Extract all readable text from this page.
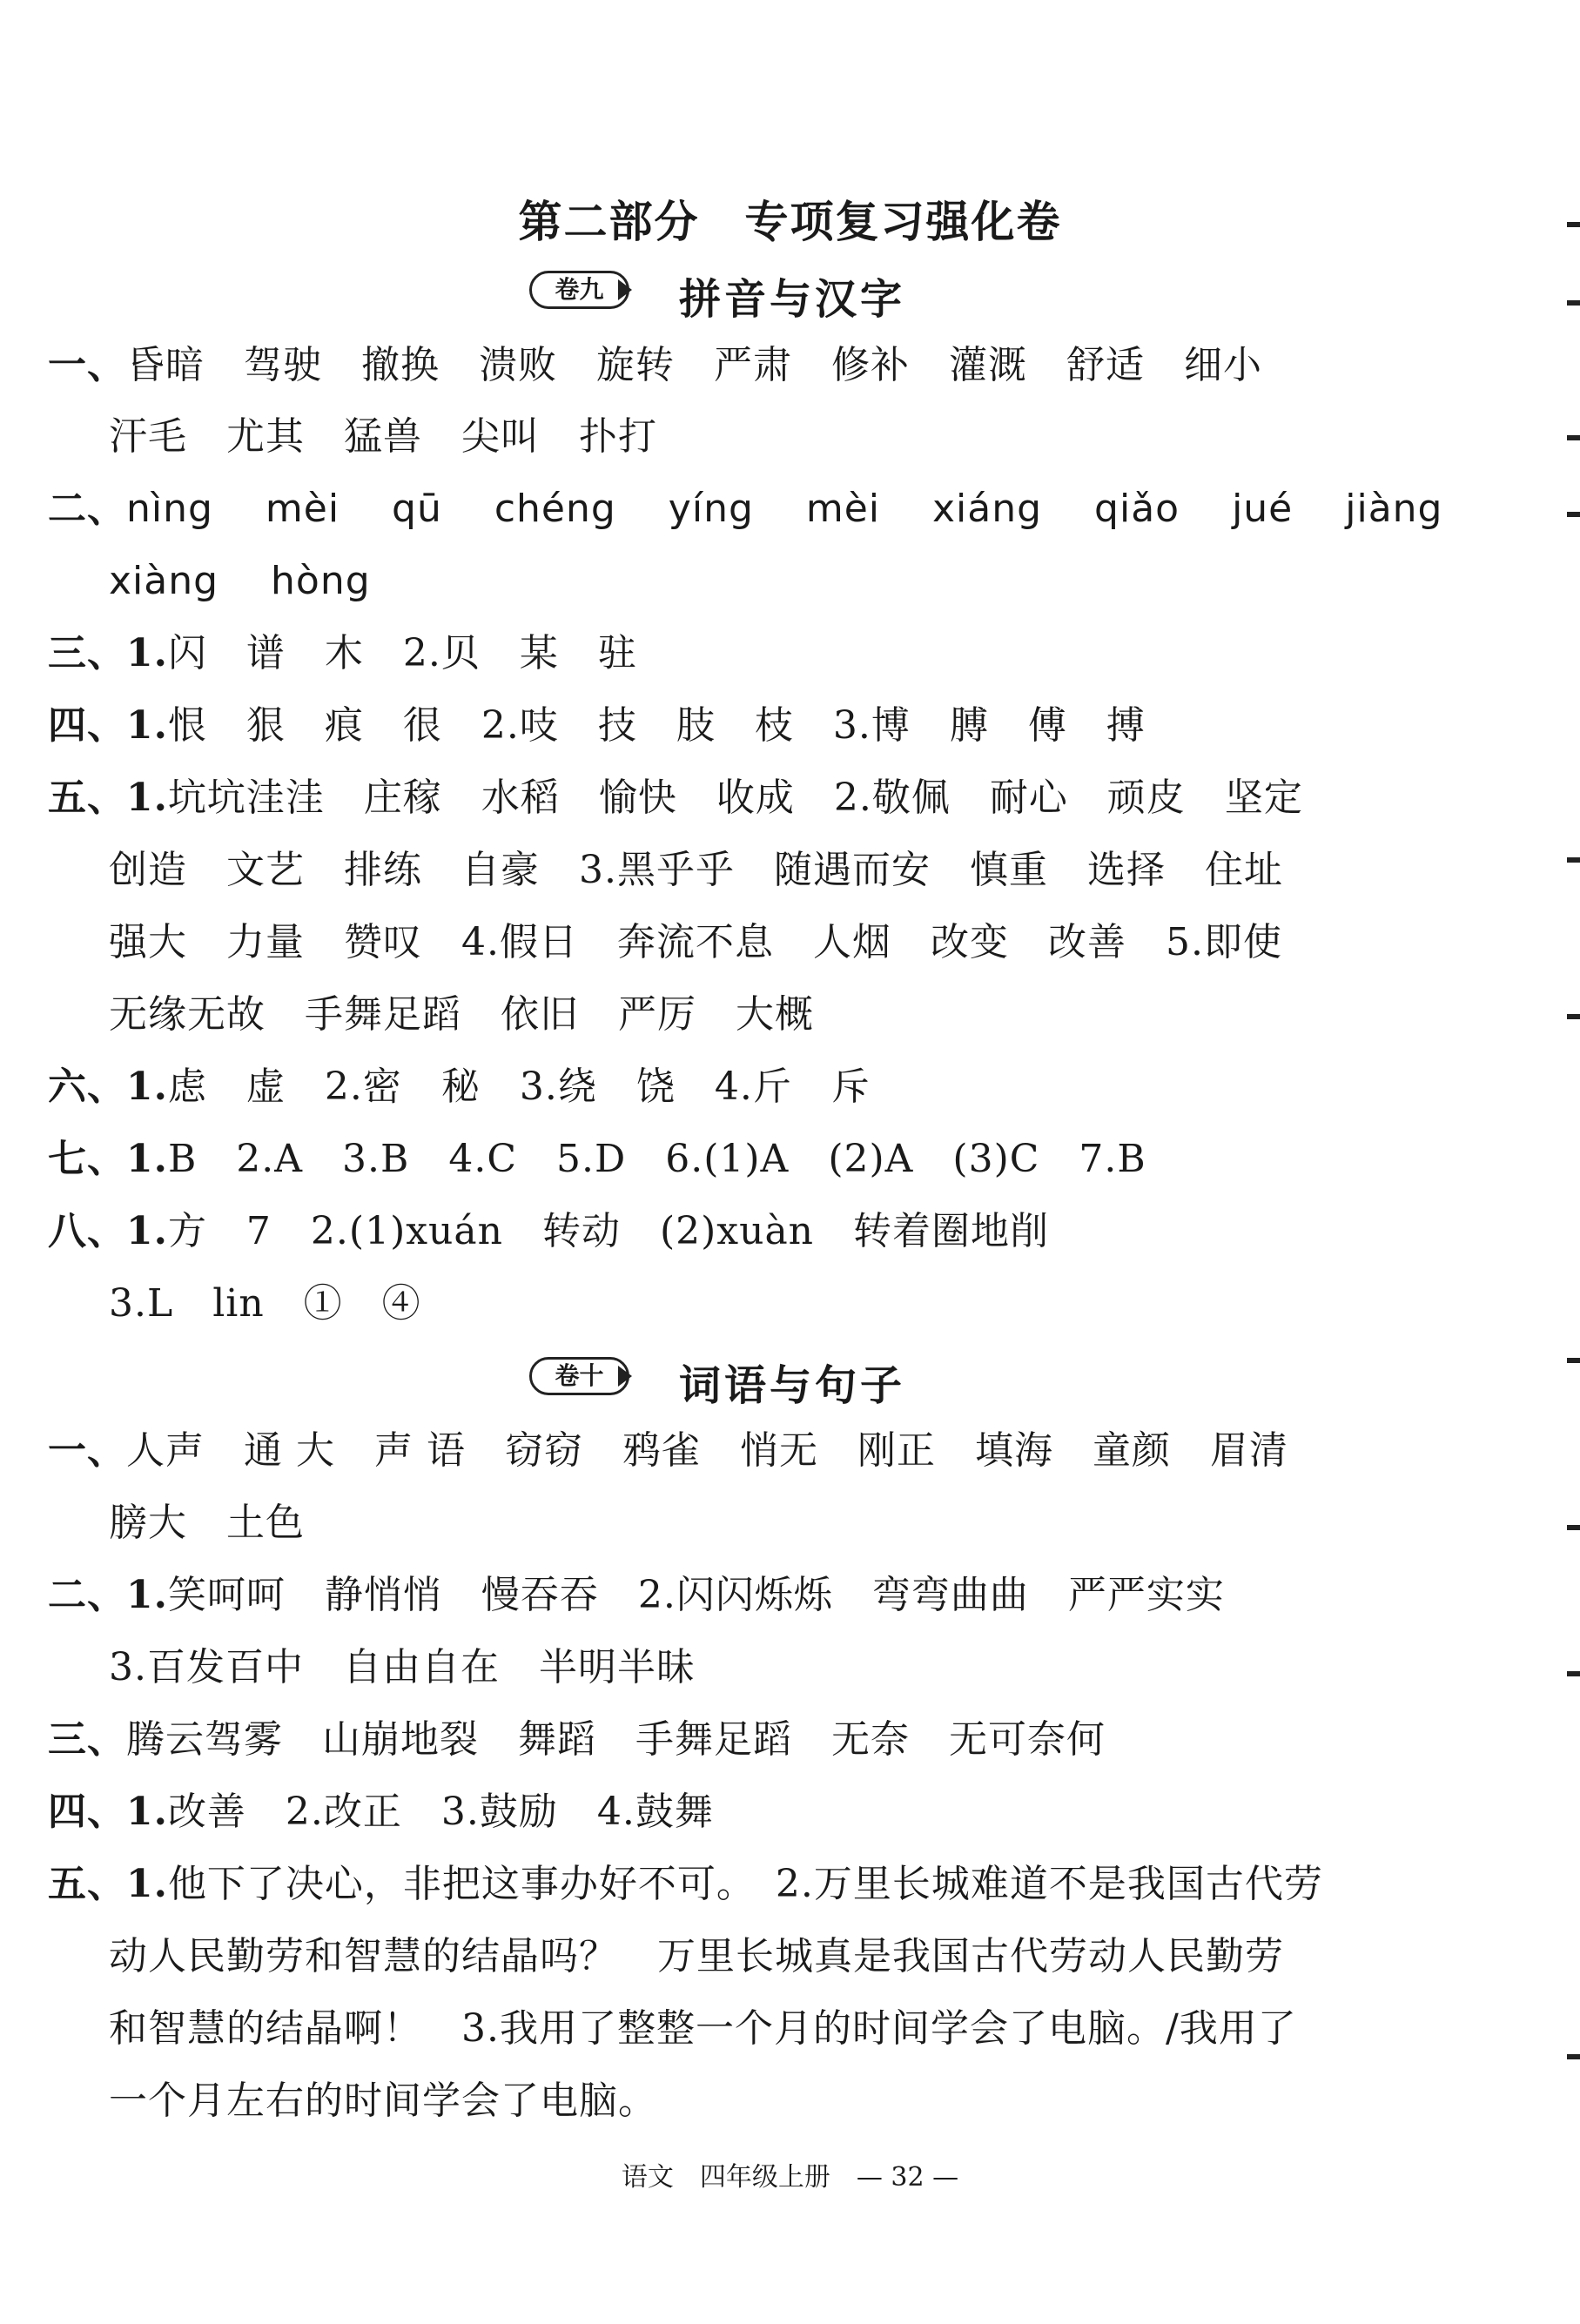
第二部分　专项复习强化卷
卷九	拼音与汉字
一、昏暗　驾驶　撤换　溃败　旋转　严肃　修补　灌溉　舒适　细小
汗毛　尤其　猛兽　尖叫　扑打
二、nìng　 mèi　 qū　 chéng　 yíng　 mèi　 xiáng　 qiǎo　 jué　 jiàng
xiàng　 hòng
三、1.闪　谱　木　2.贝　某　驻
四、1.恨　狠　痕　很　2.吱　技　肢　枝　3.博　膊　傅　搏
五、1.坑坑洼洼　庄稼　水稻　愉快　收成　2.敬佩　耐心　顽皮　坚定
创造　文艺　排练　自豪　3.黑乎乎　随遇而安　慎重　选择　住址
强大　力量　赞叹　4.假日　奔流不息　人烟　改变　改善　5.即使
无缘无故　手舞足蹈　依旧　严厉　大概
六、1.虑　虚　2.密　秘　3.绕　饶　4.斤　斥
七、1.B　2.A　3.B　4.C　5.D　6.(1)A　(2)A　(3)C　7.B
八、1.方　7　2.(1)xuán　转动　(2)xuàn　转着圈地削
3.L　lin　①　④
卷十	词语与句子
一、人声　通 大　声 语　窃窃　鸦雀　悄无　刚正　填海　童颜　眉清
膀大　土色
二、1.笑呵呵　静悄悄　慢吞吞　2.闪闪烁烁　弯弯曲曲　严严实实
3.百发百中　自由自在　半明半昧
三、腾云驾雾　山崩地裂　舞蹈　手舞足蹈　无奈　无可奈何
四、1.改善　2.改正　3.鼓励　4.鼓舞
五、1.他下了决心，非把这事办好不可。　2.万里长城难道不是我国古代劳
动人民勤劳和智慧的结晶吗？　万里长城真是我国古代劳动人民勤劳
和智慧的结晶啊！　3.我用了整整一个月的时间学会了电脑。/我用了
一个月左右的时间学会了电脑。
语文　四年级上册　— 32 —
